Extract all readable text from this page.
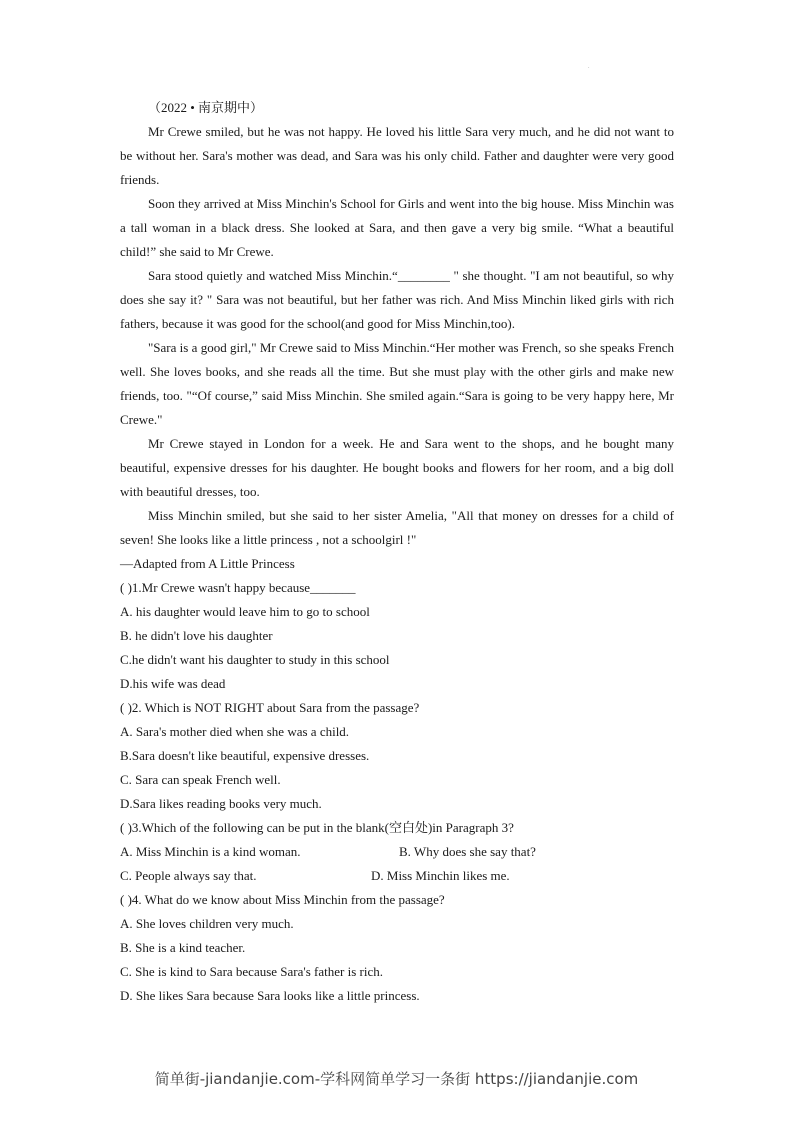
.

（2022 • 南京期中）

Mr Crewe smiled, but he was not happy. He loved his little Sara very much, and he did not want to be without her. Sara's mother was dead, and Sara was his only child. Father and daughter were very good friends.

Soon they arrived at Miss Minchin's School for Girls and went into the big house. Miss Minchin was a tall woman in a black dress. She looked at Sara, and then gave a very big smile. “What a beautiful child!” she said to Mr Crewe.

Sara stood quietly and watched Miss Minchin.“________ " she thought. "I am not beautiful, so why does she say it? " Sara was not beautiful, but her father was rich. And Miss Minchin liked girls with rich fathers, because it was good for the school(and good for Miss Minchin,too).

"Sara is a good girl," Mr Crewe said to Miss Minchin.“Her mother was French, so she speaks French well. She loves books, and she reads all the time. But she must play with the other girls and make new friends, too. "“Of course,” said Miss Minchin. She smiled again.“Sara is going to be very happy here, Mr Crewe."

Mr Crewe stayed in London for a week. He and Sara went to the shops, and he bought many beautiful, expensive dresses for his daughter. He bought books and flowers for her room, and a big doll with beautiful dresses, too.

Miss Minchin smiled, but she said to her sister Amelia, "All that money on dresses for a child of seven! She looks like a little princess , not a schoolgirl !"

—Adapted from A Little Princess

( )1.Mr Crewe wasn't happy because_______

A. his daughter would leave him to go to school

B. he didn't love his daughter

C.he didn't want his daughter to study in this school

D.his wife was dead

( )2. Which is NOT RIGHT about Sara from the passage?

A. Sara's mother died when she was a child.

B.Sara doesn't like beautiful, expensive dresses.

C. Sara can speak French well.

D.Sara likes reading books very much.

( )3.Which of the following can be put in the blank(空白处)in Paragraph 3?

A. Miss Minchin is a kind woman.	B. Why does she say that?
C. People always say that.	D. Miss Minchin likes me.

( )4. What do we know about Miss Minchin from the passage?

A. She loves children very much.

B. She is a kind teacher.

C. She is kind to Sara because Sara's father is rich.

D. She likes Sara because Sara looks like a little princess.

简单街-jiandanjie.com-学科网简单学习一条街 https://jiandanjie.com
